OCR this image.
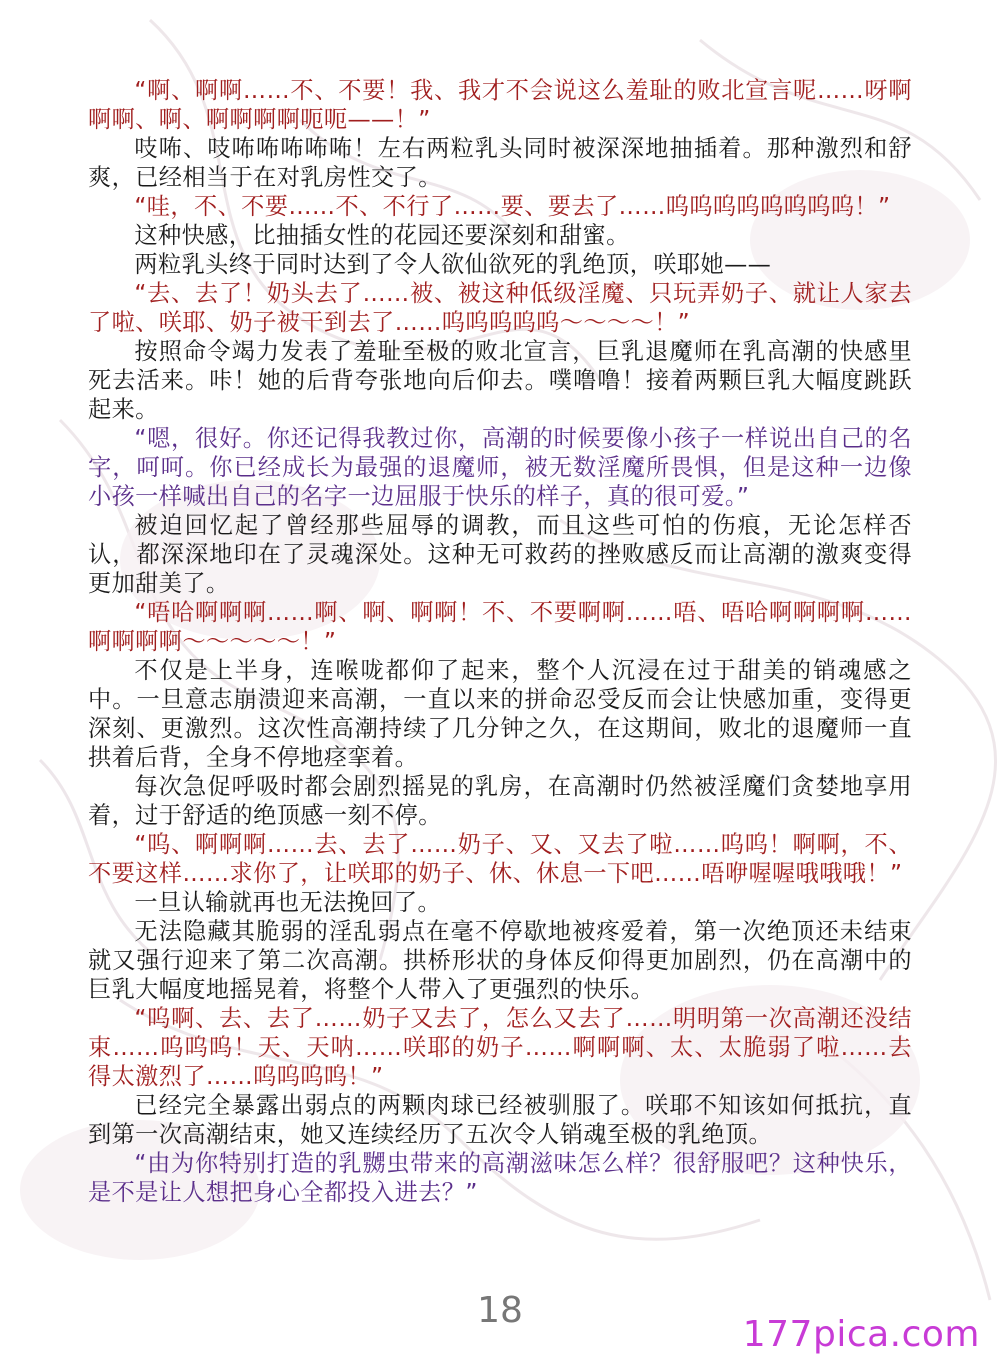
“啊、啊啊……不、不要！我、我才不会说这么羞耻的败北宣言呢……呀啊啊啊、啊、啊啊啊啊呃呃——！”

吱咘、吱咘咘咘咘咘！左右两粒乳头同时被深深地抽插着。那种激烈和舒爽，已经相当于在对乳房性交了。

“哇，不、不要……不、不行了……要、要去了……呜呜呜呜呜呜呜呜！”

这种快感，比抽插女性的花园还要深刻和甜蜜。

两粒乳头终于同时达到了令人欲仙欲死的乳绝顶，咲耶她——

“去、去了！奶头去了……被、被这种低级淫魔、只玩弄奶子、就让人家去了啦、咲耶、奶子被干到去了……呜呜呜呜呜～～～～！”

按照命令竭力发表了羞耻至极的败北宣言，巨乳退魔师在乳高潮的快感里死去活来。咔！她的后背夸张地向后仰去。噗噜噜！接着两颗巨乳大幅度跳跃起来。

“嗯，很好。你还记得我教过你，高潮的时候要像小孩子一样说出自己的名字，呵呵。你已经成长为最强的退魔师，被无数淫魔所畏惧，但是这种一边像小孩一样喊出自己的名字一边屈服于快乐的样子，真的很可爱。”

被迫回忆起了曾经那些屈辱的调教，而且这些可怕的伤痕，无论怎样否认，都深深地印在了灵魂深处。这种无可救药的挫败感反而让高潮的激爽变得更加甜美了。

“唔哈啊啊啊……啊、啊、啊啊！不、不要啊啊……唔、唔哈啊啊啊啊……啊啊啊啊～～～～～！”

不仅是上半身，连喉咙都仰了起来，整个人沉浸在过于甜美的销魂感之中。一旦意志崩溃迎来高潮，一直以来的拼命忍受反而会让快感加重，变得更深刻、更激烈。这次性高潮持续了几分钟之久，在这期间，败北的退魔师一直拱着后背，全身不停地痉挛着。

每次急促呼吸时都会剧烈摇晃的乳房，在高潮时仍然被淫魔们贪婪地享用着，过于舒适的绝顶感一刻不停。

“呜、啊啊啊……去、去了……奶子、又、又去了啦……呜呜！啊啊，不、不要这样……求你了，让咲耶的奶子、休、休息一下吧……唔咿喔喔哦哦哦！”

一旦认输就再也无法挽回了。

无法隐藏其脆弱的淫乱弱点在毫不停歇地被疼爱着，第一次绝顶还未结束就又强行迎来了第二次高潮。拱桥形状的身体反仰得更加剧烈，仍在高潮中的巨乳大幅度地摇晃着，将整个人带入了更强烈的快乐。

“呜啊、去、去了……奶子又去了，怎么又去了……明明第一次高潮还没结束……呜呜呜！天、天呐……咲耶的奶子……啊啊啊、太、太脆弱了啦……去得太激烈了……呜呜呜呜！”

已经完全暴露出弱点的两颗肉球已经被驯服了。咲耶不知该如何抵抗，直到第一次高潮结束，她又连续经历了五次令人销魂至极的乳绝顶。

“由为你特别打造的乳嬲虫带来的高潮滋味怎么样？很舒服吧？这种快乐，是不是让人想把身心全都投入进去？”

18
177pica.com
